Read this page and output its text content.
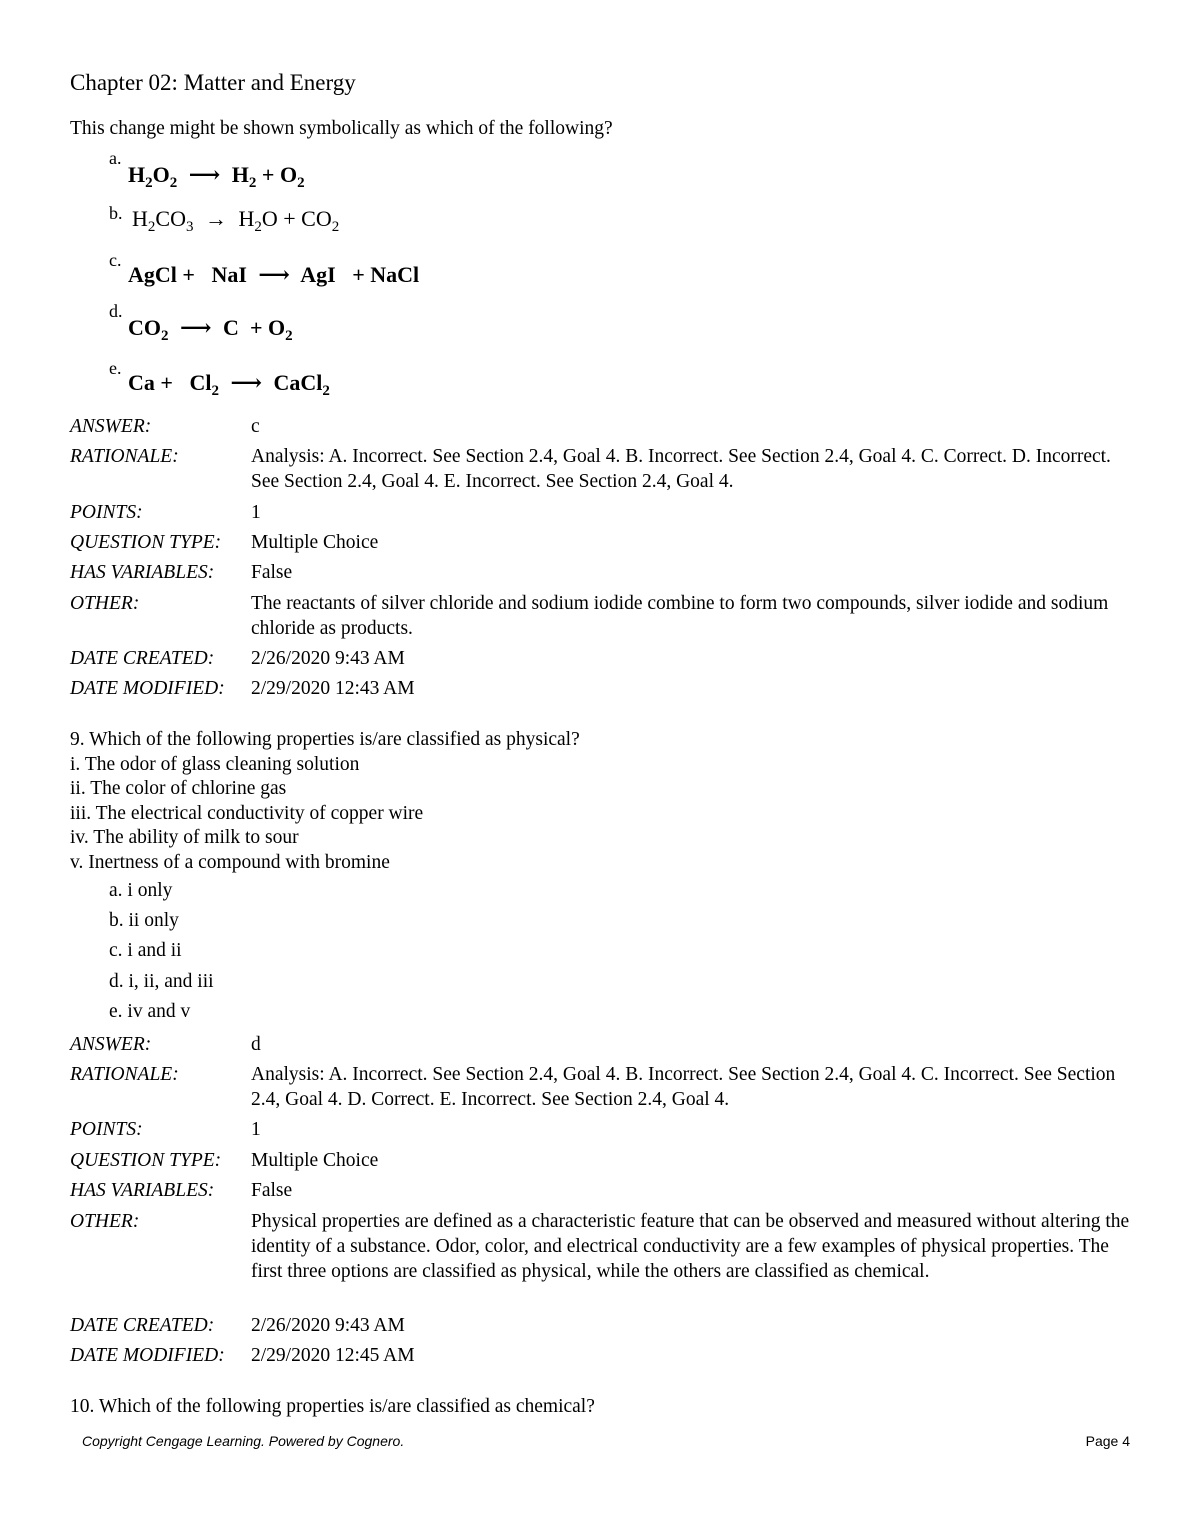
Chapter 02: Matter and Energy
This change might be shown symbolically as which of the following?
a.
$H_2O_2$ ⟶ $H_2 + O_2$
b. $H_2CO_3 \to H_2O + CO_2$
c.
AgCl + NaI ⟶ AgI + NaCl
d.
$CO_2$ ⟶ $C + O_2$
e.
$Ca + Cl_2$ ⟶ CaCl$_2$
ANSWER:	c
RATIONALE:	Analysis: A. Incorrect. See Section 2.4, Goal 4. B. Incorrect. See Section 2.4, Goal 4. C. Correct. D. Incorrect. See Section 2.4, Goal 4. E. Incorrect. See Section 2.4, Goal 4.
POINTS:	1
QUESTION TYPE: Multiple Choice
HAS VARIABLES: False
OTHER:	The reactants of silver chloride and sodium iodide combine to form two compounds, silver iodide and sodium chloride as products.
DATE CREATED: 2/26/2020 9:43 AM
DATE MODIFIED: 2/29/2020 12:43 AM
9. Which of the following properties is/are classified as physical?
i. The odor of glass cleaning solution
ii. The color of chlorine gas
iii. The electrical conductivity of copper wire
iv. The ability of milk to sour
v. Inertness of a compound with bromine
a. i only
b. ii only
c. i and ii
d. i, ii, and iii
e. iv and v
ANSWER:	d
RATIONALE:	Analysis: A. Incorrect. See Section 2.4, Goal 4. B. Incorrect. See Section 2.4, Goal 4. C. Incorrect. See Section 2.4, Goal 4. D. Correct. E. Incorrect. See Section 2.4, Goal 4.
POINTS:	1
QUESTION TYPE: Multiple Choice
HAS VARIABLES: False
OTHER:	Physical properties are defined as a characteristic feature that can be observed and measured without altering the identity of a substance. Odor, color, and electrical conductivity are a few examples of physical properties. The first three options are classified as physical, while the others are classified as chemical.
DATE CREATED: 2/26/2020 9:43 AM
DATE MODIFIED: 2/29/2020 12:45 AM
10. Which of the following properties is/are classified as chemical?
Copyright Cengage Learning. Powered by Cognero.	Page 4
